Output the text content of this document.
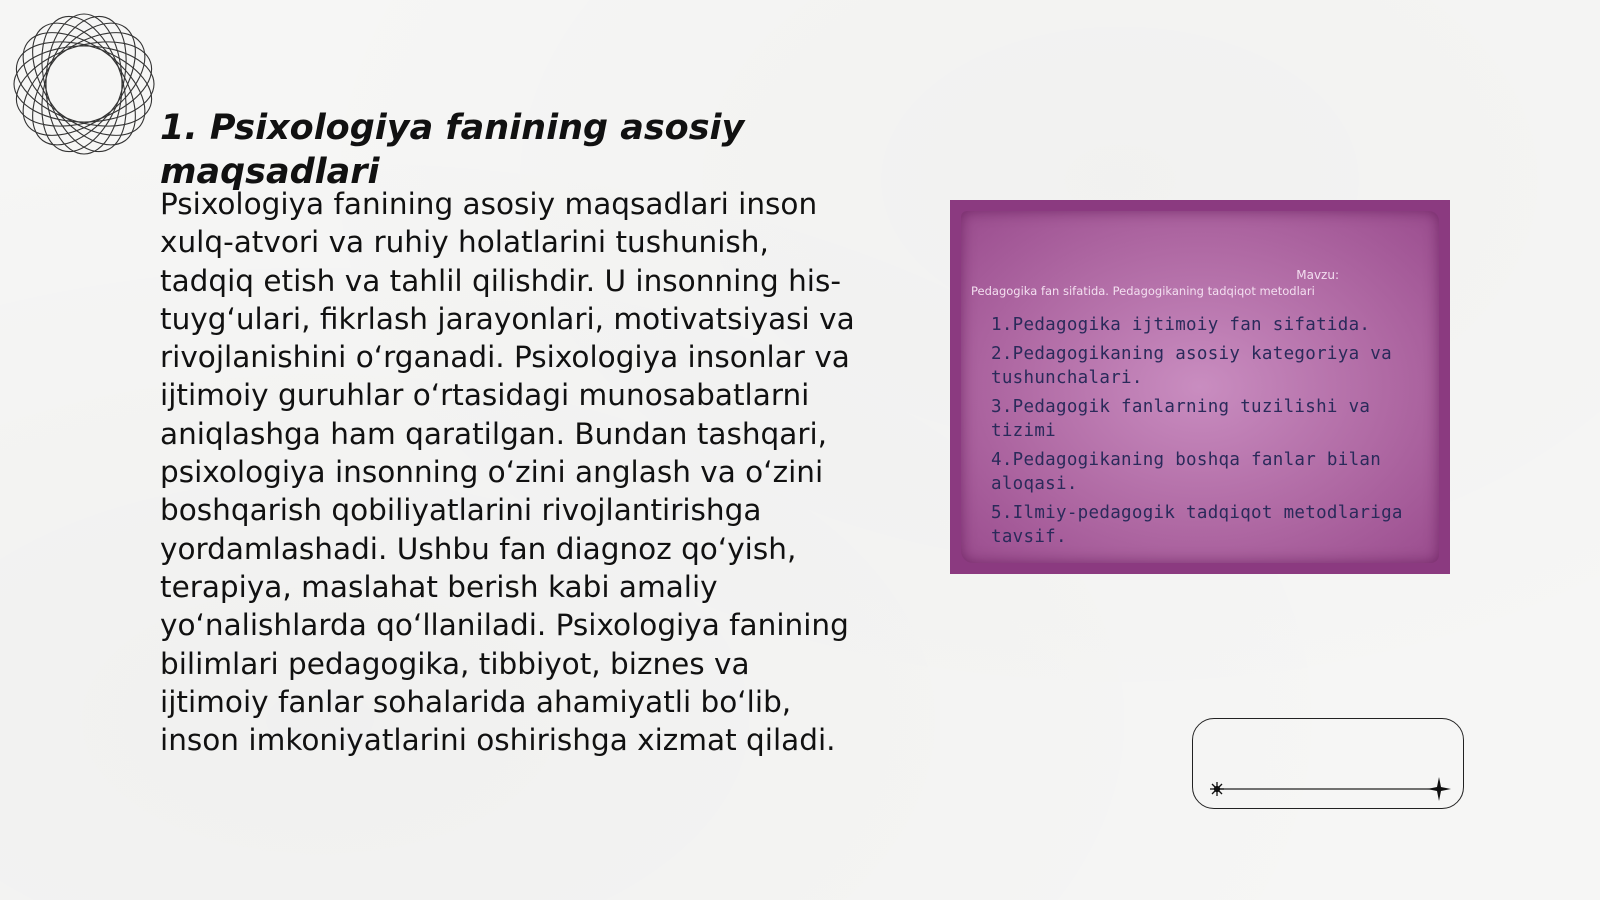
1. Psixologiya fanining asosiy maqsadlari

Psixologiya fanining asosiy maqsadlari inson xulq-atvori va ruhiy holatlarini tushunish, tadqiq etish va tahlil qilishdir. U insonning his-tuyg‘ulari, fikrlash jarayonlari, motivatsiyasi va rivojlanishini o‘rganadi. Psixologiya insonlar va ijtimoiy guruhlar o‘rtasidagi munosabatlarni aniqlashga ham qaratilgan. Bundan tashqari, psixologiya insonning o‘zini anglash va o‘zini boshqarish qobiliyatlarini rivojlantirishga yordamlashadi. Ushbu fan diagnoz qo‘yish, terapiya, maslahat berish kabi amaliy yo‘nalishlarda qo‘llaniladi. Psixologiya fanining bilimlari pedagogika, tibbiyot, biznes va ijtimoiy fanlar sohalarida ahamiyatli bo‘lib, inson imkoniyatlarini oshirishga xizmat qiladi.

Mavzu:
Pedagogika fan sifatida. Pedagogikaning tadqiqot metodlari
1.Pedagogika ijtimoiy fan sifatida.
2.Pedagogikaning asosiy kategoriya va tushunchalari.
3.Pedagogik fanlarning tuzilishi va tizimi
4.Pedagogikaning boshqa fanlar bilan aloqasi.
5.Ilmiy-pedagogik tadqiqot metodlariga tavsif.
